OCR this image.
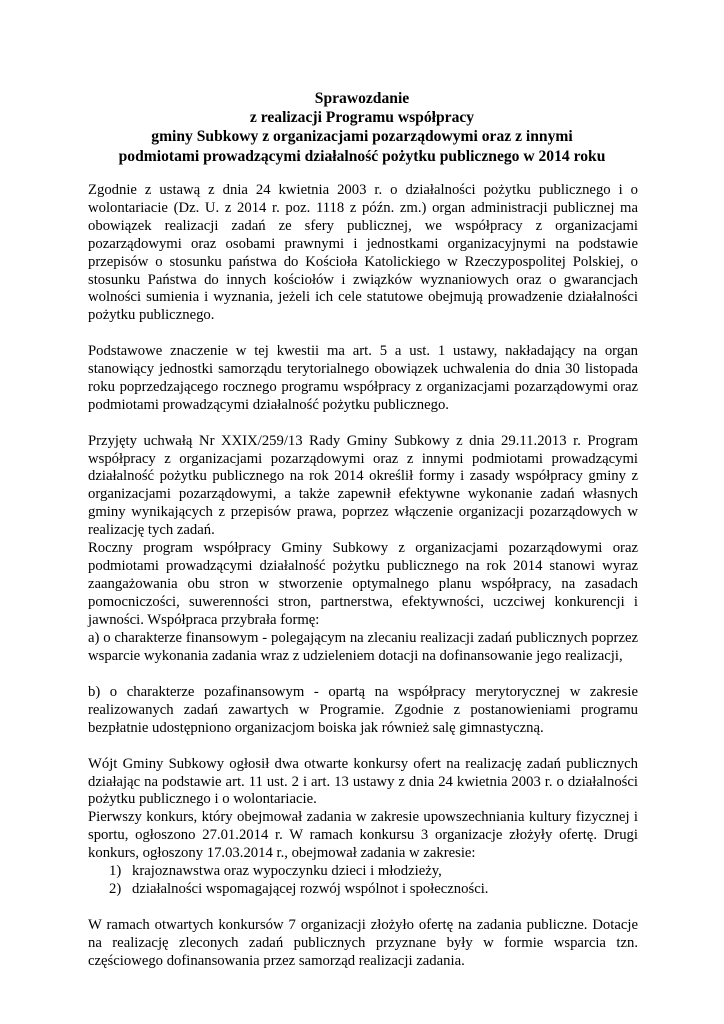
Sprawozdanie
z realizacji Programu współpracy
gminy Subkowy z organizacjami pozarządowymi oraz z innymi
podmiotami prowadzącymi działalność pożytku publicznego w 2014 roku

Zgodnie z ustawą z dnia 24 kwietnia 2003 r. o działalności pożytku publicznego i o wolontariacie (Dz. U. z 2014 r. poz. 1118 z późn. zm.) organ administracji publicznej ma obowiązek realizacji zadań ze sfery publicznej, we współpracy z organizacjami pozarządowymi oraz osobami prawnymi i jednostkami organizacyjnymi na podstawie przepisów o stosunku państwa do Kościoła Katolickiego w Rzeczypospolitej Polskiej, o stosunku Państwa do innych kościołów i związków wyznaniowych oraz o gwarancjach wolności sumienia i wyznania, jeżeli ich cele statutowe obejmują prowadzenie działalności pożytku publicznego.

Podstawowe znaczenie w tej kwestii ma art. 5 a ust. 1 ustawy, nakładający na organ stanowiący jednostki samorządu terytorialnego obowiązek uchwalenia do dnia 30 listopada roku poprzedzającego rocznego programu współpracy z organizacjami pozarządowymi oraz podmiotami prowadzącymi działalność pożytku publicznego.

Przyjęty uchwałą Nr XXIX/259/13 Rady Gminy Subkowy z dnia 29.11.2013 r. Program współpracy z organizacjami pozarządowymi oraz z innymi podmiotami prowadzącymi działalność pożytku publicznego na rok 2014 określił formy i zasady współpracy gminy z organizacjami pozarządowymi, a także zapewnił efektywne wykonanie zadań własnych gminy wynikających z przepisów prawa, poprzez włączenie organizacji pozarządowych w realizację tych zadań.

Roczny program współpracy Gminy Subkowy z organizacjami pozarządowymi oraz podmiotami prowadzącymi działalność pożytku publicznego na rok 2014 stanowi wyraz zaangażowania obu stron w stworzenie optymalnego planu współpracy, na zasadach pomocniczości, suwerenności stron, partnerstwa, efektywności, uczciwej konkurencji i jawności. Współpraca przybrała formę:

a) o charakterze finansowym - polegającym na zlecaniu realizacji zadań publicznych poprzez wsparcie wykonania zadania wraz z udzieleniem dotacji na dofinansowanie jego realizacji,

b) o charakterze pozafinansowym - opartą na współpracy merytorycznej w zakresie realizowanych zadań zawartych w Programie. Zgodnie z postanowieniami programu bezpłatnie udostępniono organizacjom boiska jak również salę gimnastyczną.

Wójt Gminy Subkowy ogłosił dwa otwarte konkursy ofert na realizację zadań publicznych działając na podstawie art. 11 ust. 2 i art. 13 ustawy z dnia 24 kwietnia 2003 r. o działalności pożytku publicznego i o wolontariacie.

Pierwszy konkurs, który obejmował zadania w zakresie upowszechniania kultury fizycznej i sportu, ogłoszono 27.01.2014 r. W ramach konkursu 3 organizacje złożyły ofertę. Drugi konkurs, ogłoszony 17.03.2014 r., obejmował zadania w zakresie:

1) krajoznawstwa oraz wypoczynku dzieci i młodzieży,
2) działalności wspomagającej rozwój wspólnot i społeczności.

W ramach otwartych konkursów 7 organizacji złożyło ofertę na zadania publiczne. Dotacje na realizację zleconych zadań publicznych przyznane były w formie wsparcia tzn. częściowego dofinansowania przez samorząd realizacji zadania.
